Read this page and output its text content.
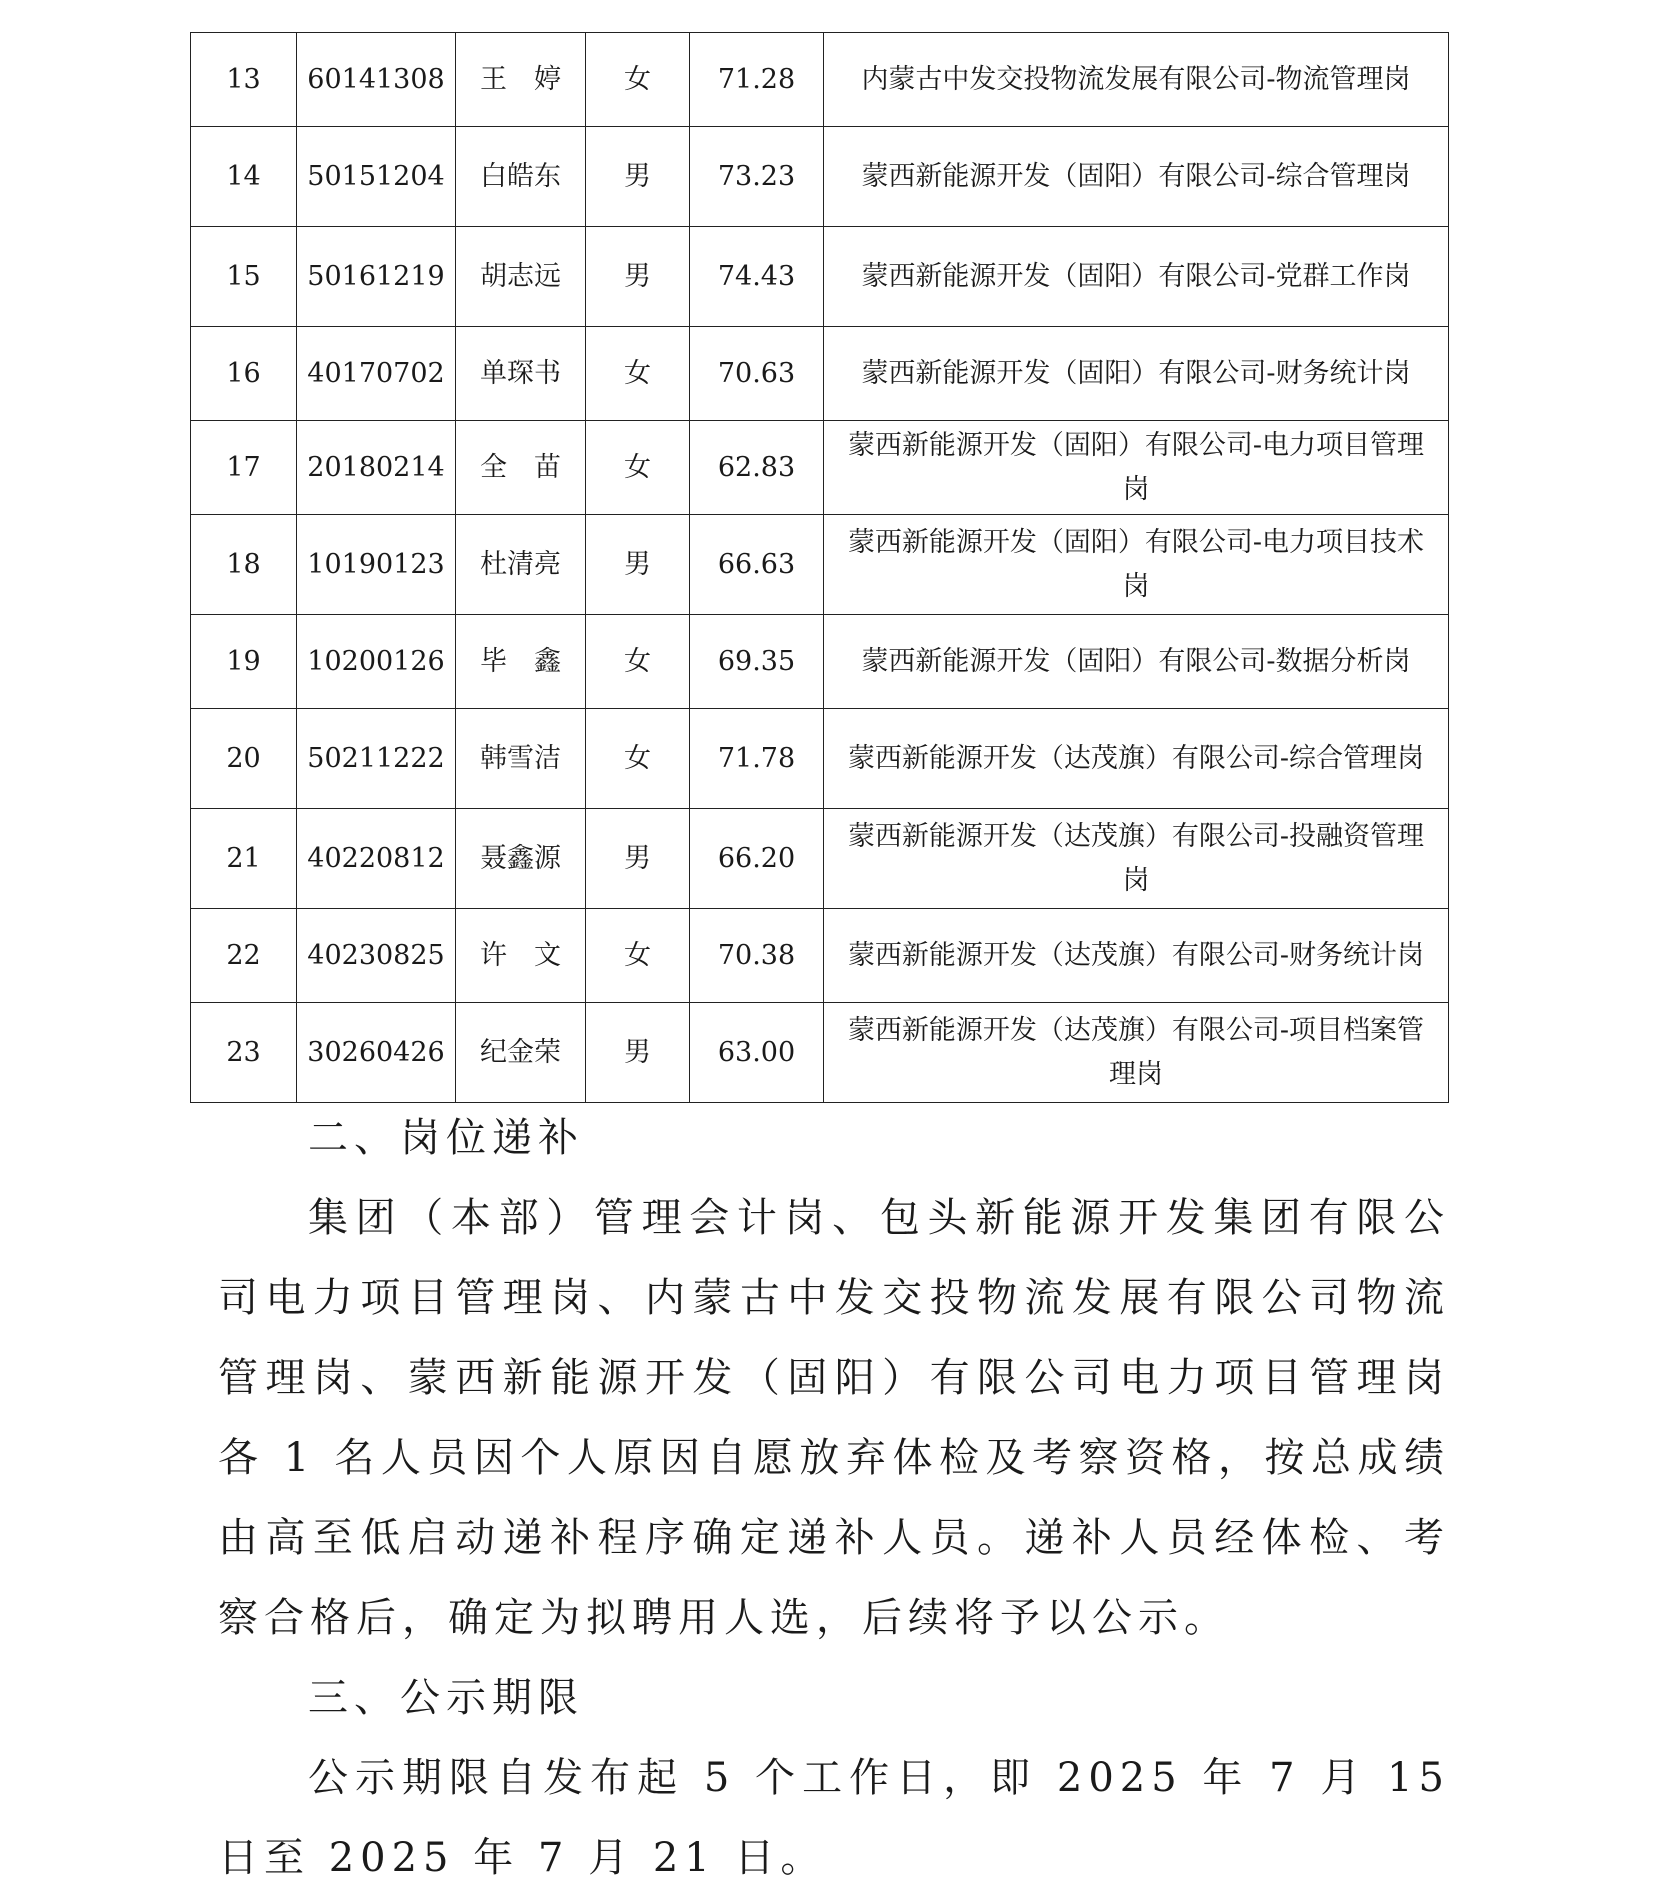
13	60141308	王　婷	女	71.28	内蒙古中发交投物流发展有限公司-物流管理岗
14	50151204	白皓东	男	73.23	蒙西新能源开发（固阳）有限公司-综合管理岗
15	50161219	胡志远	男	74.43	蒙西新能源开发（固阳）有限公司-党群工作岗
16	40170702	单琛书	女	70.63	蒙西新能源开发（固阳）有限公司-财务统计岗
17	20180214	全　苗	女	62.83	蒙西新能源开发（固阳）有限公司-电力项目管理岗
18	10190123	杜清亮	男	66.63	蒙西新能源开发（固阳）有限公司-电力项目技术岗
19	10200126	毕　鑫	女	69.35	蒙西新能源开发（固阳）有限公司-数据分析岗
20	50211222	韩雪洁	女	71.78	蒙西新能源开发（达茂旗）有限公司-综合管理岗
21	40220812	聂鑫源	男	66.20	蒙西新能源开发（达茂旗）有限公司-投融资管理岗
22	40230825	许　文	女	70.38	蒙西新能源开发（达茂旗）有限公司-财务统计岗
23	30260426	纪金荣	男	63.00	蒙西新能源开发（达茂旗）有限公司-项目档案管理岗
二、岗位递补
集团（本部）管理会计岗、包头新能源开发集团有限公司电力项目管理岗、内蒙古中发交投物流发展有限公司物流管理岗、蒙西新能源开发（固阳）有限公司电力项目管理岗各 1 名人员因个人原因自愿放弃体检及考察资格，按总成绩由高至低启动递补程序确定递补人员。递补人员经体检、考察合格后，确定为拟聘用人选，后续将予以公示。
三、公示期限
公示期限自发布起 5 个工作日，即 2025 年 7 月 15 日至 2025 年 7 月 21 日。
